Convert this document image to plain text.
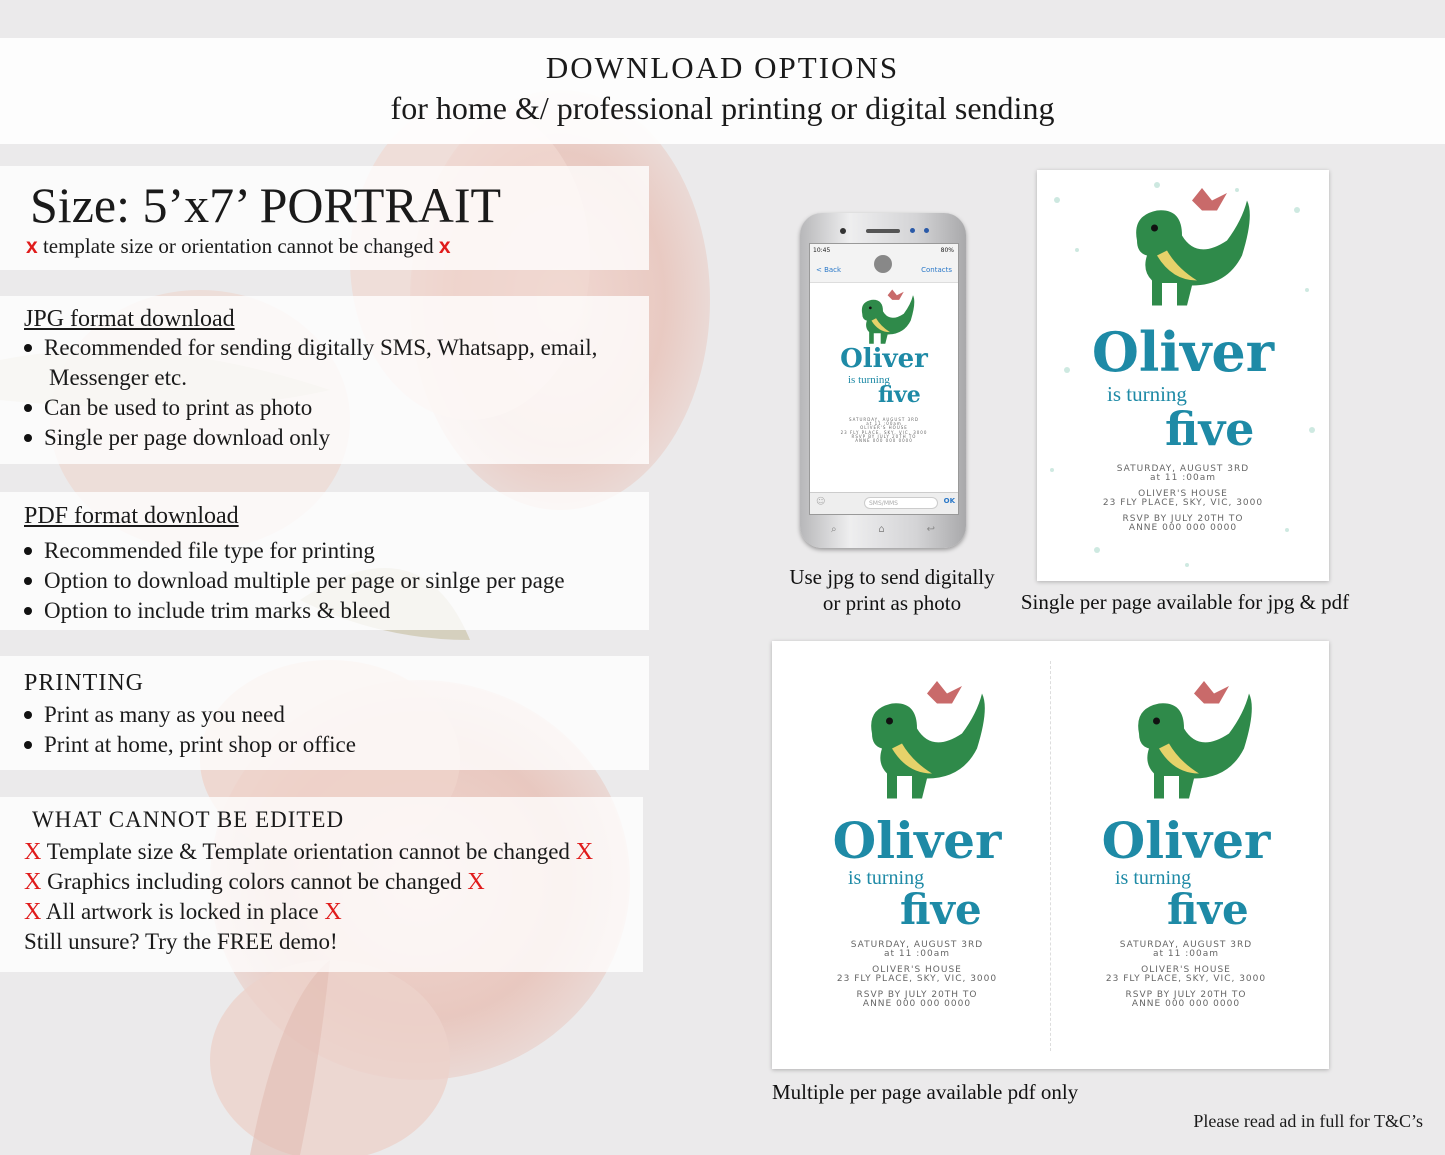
DOWNLOAD OPTIONS
for home &/ professional printing or digital sending
Size: 5’x7’ PORTRAIT
x template size or orientation cannot be changed x
JPG format download
Recommended for sending digitally SMS, Whatsapp, email,
Messenger etc.
Can be used to print as photo
Single per page download only
PDF format download
Recommended file type for printing
Option to download multiple per page or sinlge per page
Option to include trim marks & bleed
PRINTING
Print as many as you need
Print at home, print shop or office
WHAT CANNOT BE EDITED
X Template size & Template orientation cannot be changed X
X Graphics including colors cannot be changed X
X All artwork is locked in place X
Still unsure? Try the FREE demo!
10:45	80%
< Back	Contacts
Oliver
is turning
five
SATURDAY, AUGUST 3RD
at 11 :00am
OLIVER'S HOUSE
23 FLY PLACE, SKY, VIC, 3000
RSVP BY JULY 20TH TO
ANNE 000 000 0000
☺	SMS/MMS	OK
⌕	⌂	↩
Use jpg to send digitally
or print as photo
Oliver
is turning
five
SATURDAY, AUGUST 3RD
at 11 :00am
OLIVER'S HOUSE
23 FLY PLACE, SKY, VIC, 3000
RSVP BY JULY 20TH TO
ANNE 000 000 0000
Single per page available for jpg & pdf
Oliver
is turning
five
SATURDAY, AUGUST 3RD
at 11 :00am
OLIVER'S HOUSE
23 FLY PLACE, SKY, VIC, 3000
RSVP BY JULY 20TH TO
ANNE 000 000 0000
Oliver
is turning
five
SATURDAY, AUGUST 3RD
at 11 :00am
OLIVER'S HOUSE
23 FLY PLACE, SKY, VIC, 3000
RSVP BY JULY 20TH TO
ANNE 000 000 0000
Multiple per page available pdf only
Please read ad in full for T&C’s
